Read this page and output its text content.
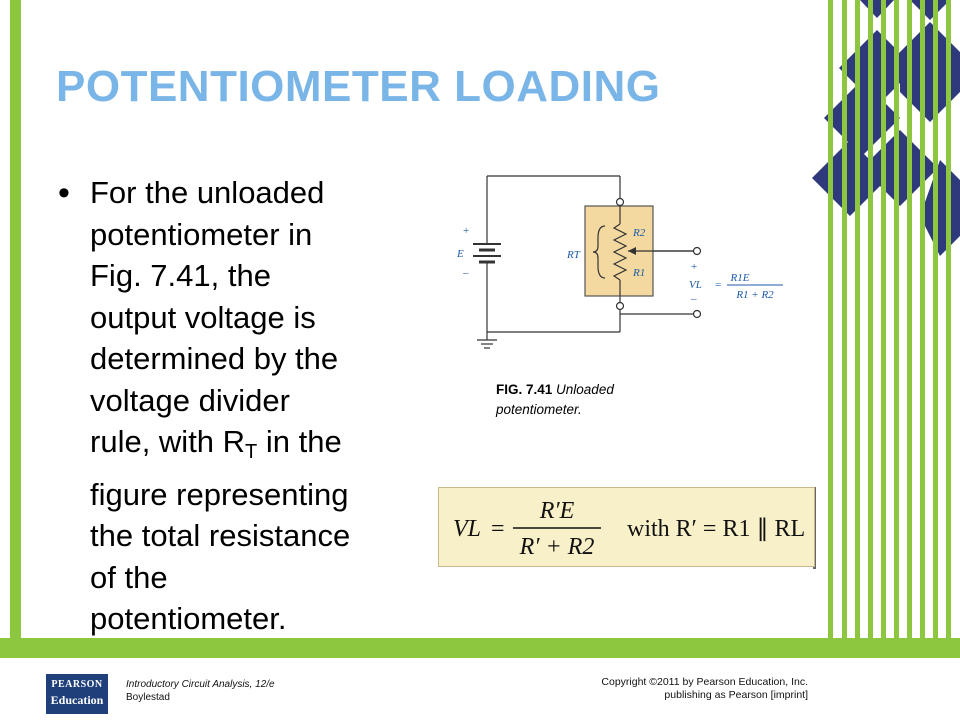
POTENTIOMETER LOADING
• For the unloaded
potentiometer in
Fig. 7.41, the
output voltage is
determined by the
voltage divider
rule, with $R_T$ in the
figure representing
the total resistance
of the
potentiometer.
E
+
–
RT
R2
R1	+
–
VL =
R1E
R1 + R2
FIG. 7.41 Unloaded potentiometer.
VL =
R′E
R′ + R2
with R′ = R1 ∥ RL
PEARSON
Education
Introductory Circuit Analysis, 12/e
Boylestad
Copyright ©2011 by Pearson Education, Inc.
publishing as Pearson [imprint]
